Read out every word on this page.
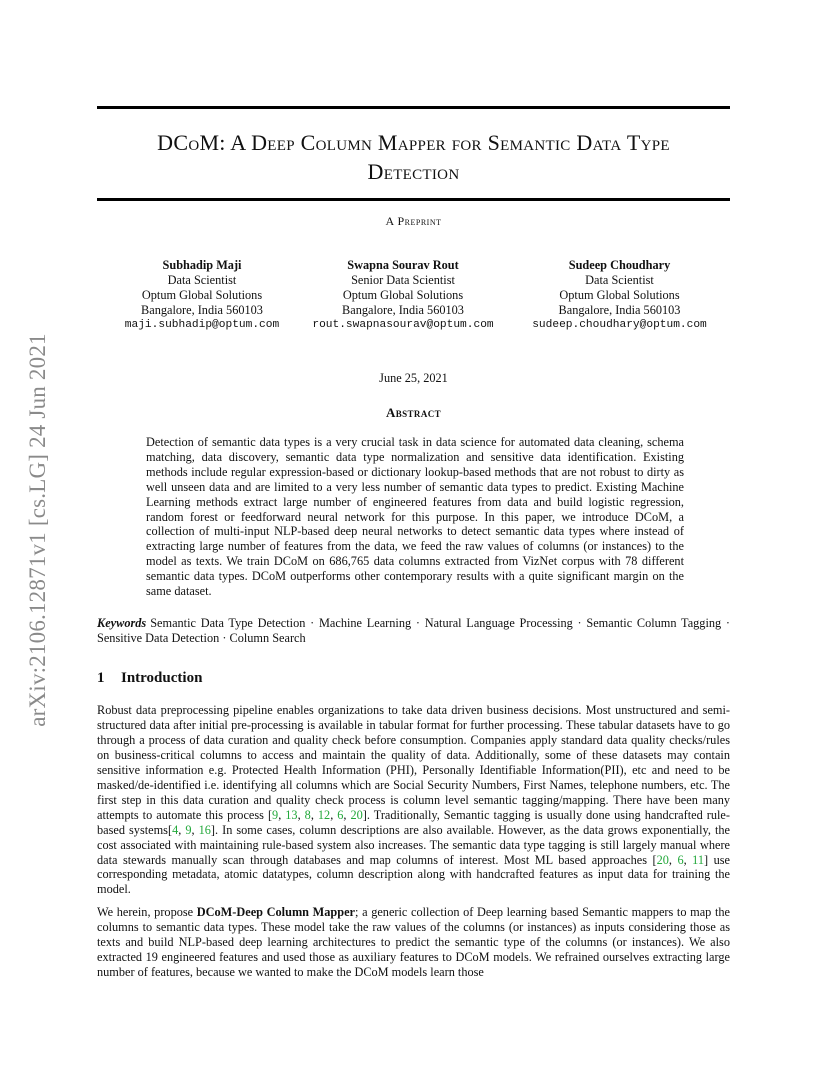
arXiv:2106.12871v1 [cs.LG] 24 Jun 2021
DCoM: A Deep Column Mapper for Semantic Data Type
Detection
A Preprint
Subhadip Maji
Data Scientist
Optum Global Solutions
Bangalore, India 560103
maji.subhadip@optum.com
Swapna Sourav Rout
Senior Data Scientist
Optum Global Solutions
Bangalore, India 560103
rout.swapnasourav@optum.com
Sudeep Choudhary
Data Scientist
Optum Global Solutions
Bangalore, India 560103
sudeep.choudhary@optum.com
June 25, 2021
Abstract
Detection of semantic data types is a very crucial task in data science for automated data cleaning, schema matching, data discovery, semantic data type normalization and sensitive data identification. Existing methods include regular expression-based or dictionary lookup-based methods that are not robust to dirty as well unseen data and are limited to a very less number of semantic data types to predict. Existing Machine Learning methods extract large number of engineered features from data and build logistic regression, random forest or feedforward neural network for this purpose. In this paper, we introduce DCoM, a collection of multi-input NLP-based deep neural networks to detect semantic data types where instead of extracting large number of features from the data, we feed the raw values of columns (or instances) to the model as texts. We train DCoM on 686,765 data columns extracted from VizNet corpus with 78 different semantic data types. DCoM outperforms other contemporary results with a quite significant margin on the same dataset.
Keywords Semantic Data Type Detection · Machine Learning · Natural Language Processing · Semantic Column Tagging · Sensitive Data Detection · Column Search
1 Introduction
Robust data preprocessing pipeline enables organizations to take data driven business decisions. Most unstructured and semi-structured data after initial pre-processing is available in tabular format for further processing. These tabular datasets have to go through a process of data curation and quality check before consumption. Companies apply standard data quality checks/rules on business-critical columns to access and maintain the quality of data. Additionally, some of these datasets may contain sensitive information e.g. Protected Health Information (PHI), Personally Identifiable Information(PII), etc and need to be masked/de-identified i.e. identifying all columns which are Social Security Numbers, First Names, telephone numbers, etc. The first step in this data curation and quality check process is column level semantic tagging/mapping. There have been many attempts to automate this process [9, 13, 8, 12, 6, 20]. Traditionally, Semantic tagging is usually done using handcrafted rule-based systems[4, 9, 16]. In some cases, column descriptions are also available. However, as the data grows exponentially, the cost associated with maintaining rule-based system also increases. The semantic data type tagging is still largely manual where data stewards manually scan through databases and map columns of interest. Most ML based approaches [20, 6, 11] use corresponding metadata, atomic datatypes, column description along with handcrafted features as input data for training the model.
We herein, propose DCoM-Deep Column Mapper; a generic collection of Deep learning based Semantic mappers to map the columns to semantic data types. These model take the raw values of the columns (or instances) as inputs considering those as texts and build NLP-based deep learning architectures to predict the semantic type of the columns (or instances). We also extracted 19 engineered features and used those as auxiliary features to DCoM models. We refrained ourselves extracting large number of features, because we wanted to make the DCoM models learn those
